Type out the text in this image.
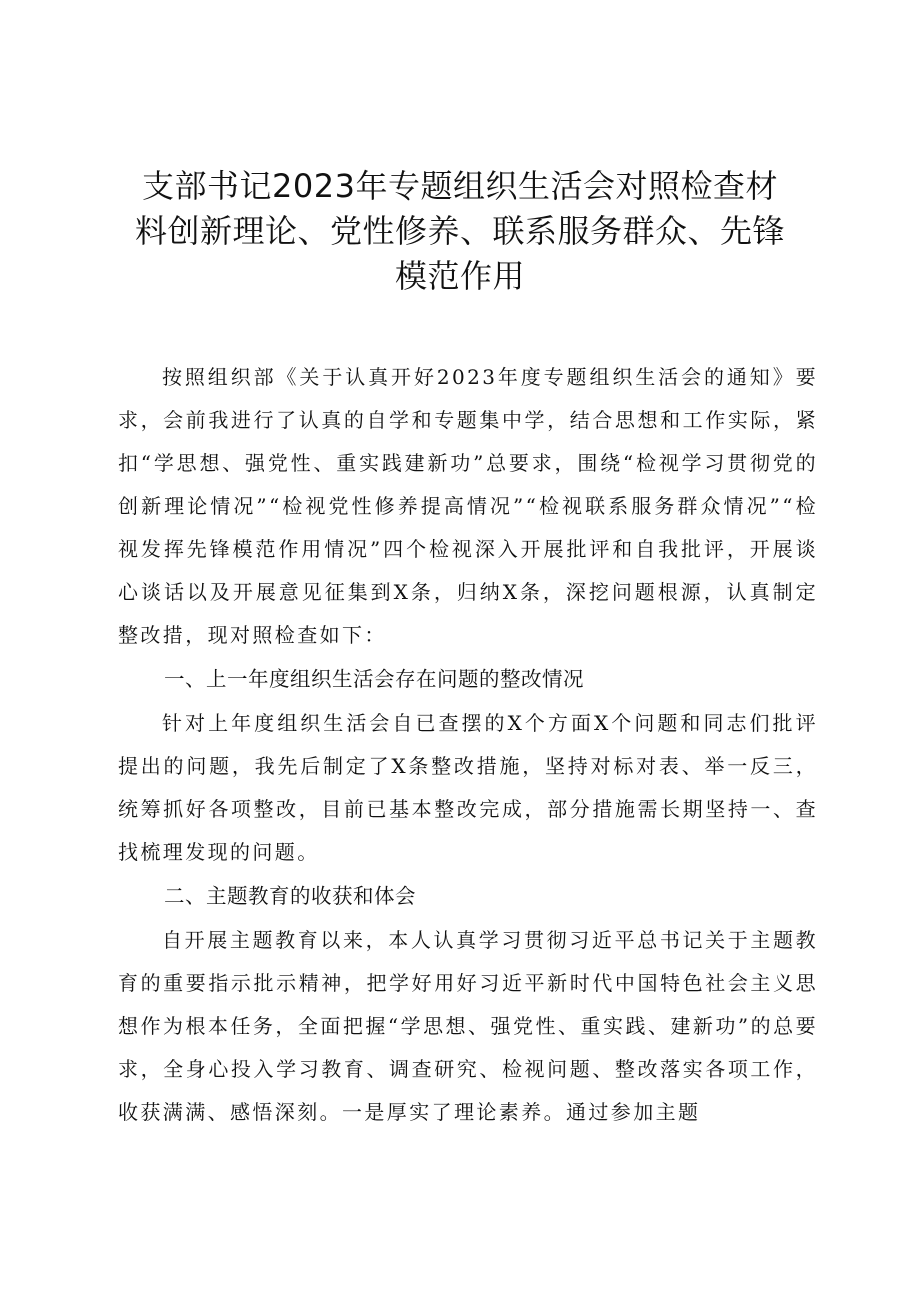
支部书记2023年专题组织生活会对照检查材
料创新理论、党性修养、联系服务群众、先锋
模范作用

按照组织部《关于认真开好2023年度专题组织生活会的通知》要求，会前我进行了认真的自学和专题集中学，结合思想和工作实际，紧扣“学思想、强党性、重实践建新功”总要求，围绕“检视学习贯彻党的创新理论情况”“检视党性修养提高情况”“检视联系服务群众情况”“检视发挥先锋模范作用情况”四个检视深入开展批评和自我批评，开展谈心谈话以及开展意见征集到X条，归纳X条，深挖问题根源，认真制定整改措，现对照检查如下：

一、上一年度组织生活会存在问题的整改情况

针对上年度组织生活会自已查摆的X个方面X个问题和同志们批评提出的问题，我先后制定了X条整改措施，坚持对标对表、举一反三，统筹抓好各项整改，目前已基本整改完成，部分措施需长期坚持一、查找梳理发现的问题。

二、主题教育的收获和体会

自开展主题教育以来，本人认真学习贯彻习近平总书记关于主题教育的重要指示批示精神，把学好用好习近平新时代中国特色社会主义思想作为根本任务，全面把握“学思想、强党性、重实践、建新功”的总要求，全身心投入学习教育、调查研究、检视问题、整改落实各项工作，收获满满、感悟深刻。一是厚实了理论素养。通过参加主题
